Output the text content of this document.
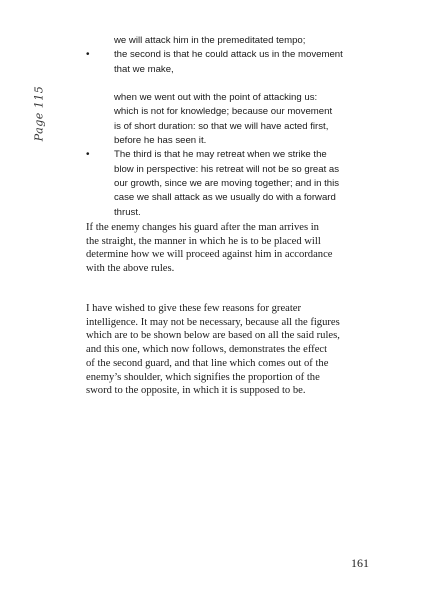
Page 115
we will attack him in the premeditated tempo;
• the second is that he could attack us in the movement
that we make,
when we went out with the point of attacking us:
which is not for knowledge; because our movement
is of short duration: so that we will have acted first,
before he has seen it.
• The third is that he may retreat when we strike the
blow in perspective: his retreat will not be so great as
our growth, since we are moving together; and in this
case we shall attack as we usually do with a forward
thrust.
If the enemy changes his guard after the man arrives in
the straight, the manner in which he is to be placed will
determine how we will proceed against him in accordance
with the above rules.
I have wished to give these few reasons for greater
intelligence. It may not be necessary, because all the figures
which are to be shown below are based on all the said rules,
and this one, which now follows, demonstrates the effect
of the second guard, and that line which comes out of the
enemy’s shoulder, which signifies the proportion of the
sword to the opposite, in which it is supposed to be.
161
